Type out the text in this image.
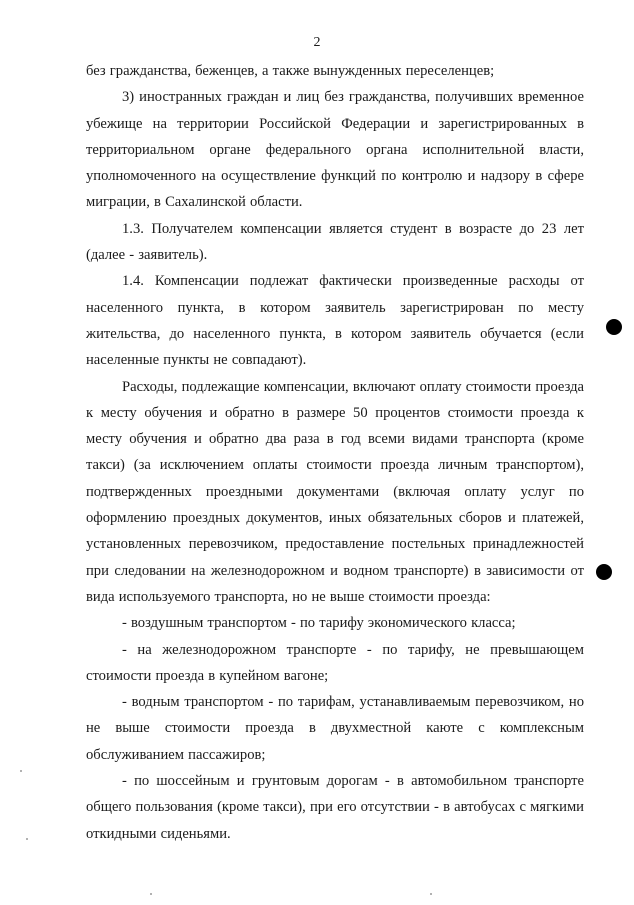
2

без гражданства, беженцев, а также вынужденных переселенцев;

3) иностранных граждан и лиц без гражданства, получивших временное убежище на территории Российской Федерации и зарегистрированных в территориальном органе федерального органа исполнительной власти, уполномоченного на осуществление функций по контролю и надзору в сфере миграции, в Сахалинской области.

1.3. Получателем компенсации является студент в возрасте до 23 лет (далее - заявитель).

1.4. Компенсации подлежат фактически произведенные расходы от населенного пункта, в котором заявитель зарегистрирован по месту жительства, до населенного пункта, в котором заявитель обучается (если населенные пункты не совпадают).

Расходы, подлежащие компенсации, включают оплату стоимости проезда к месту обучения и обратно в размере 50 процентов стоимости проезда к месту обучения и обратно два раза в год всеми видами транспорта (кроме такси) (за исключением оплаты стоимости проезда личным транспортом), подтвержденных проездными документами (включая оплату услуг по оформлению проездных документов, иных обязательных сборов и платежей, установленных перевозчиком, предоставление постельных принадлежностей при следовании на железнодорожном и водном транспорте) в зависимости от вида используемого транспорта, но не выше стоимости проезда:

- воздушным транспортом - по тарифу экономического класса;

- на железнодорожном транспорте - по тарифу, не превышающем стоимости проезда в купейном вагоне;

- водным транспортом - по тарифам, устанавливаемым перевозчиком, но не выше стоимости проезда в двухместной каюте с комплексным обслуживанием пассажиров;

- по шоссейным и грунтовым дорогам - в автомобильном транспорте общего пользования (кроме такси), при его отсутствии - в автобусах с мягкими откидными сиденьями.
